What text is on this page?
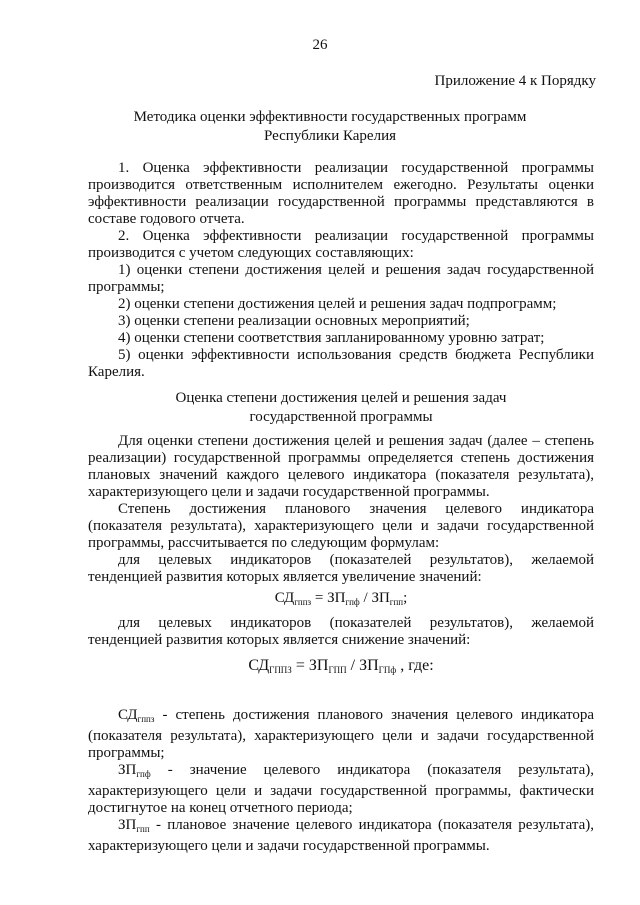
26
Приложение 4 к Порядку
Методика оценки эффективности государственных программ
Республики Карелия

1. Оценка эффективности реализации государственной программы производится ответственным исполнителем ежегодно. Результаты оценки эффективности реализации государственной программы представляются в составе годового отчета.

2. Оценка эффективности реализации государственной программы производится с учетом следующих составляющих:

1) оценки степени достижения целей и решения задач государственной программы;

2) оценки степени достижения целей и решения задач подпрограмм;

3) оценки степени реализации основных мероприятий;

4) оценки степени соответствия запланированному уровню затрат;

5) оценки эффективности использования средств бюджета Республики Карелия.

Оценка степени достижения целей и решения задач
государственной программы

Для оценки степени достижения целей и решения задач (далее – степень реализации) государственной программы определяется степень достижения плановых значений каждого целевого индикатора (показателя результата), характеризующего цели и задачи государственной программы.

Степень достижения планового значения целевого индикатора (показателя результата), характеризующего цели и задачи государственной программы, рассчитывается по следующим формулам:

для целевых индикаторов (показателей результатов), желаемой тенденцией развития которых является увеличение значений:

$СД_{гппз} = ЗП_{гпф} / ЗП_{гпп}$;

для целевых индикаторов (показателей результатов), желаемой тенденцией развития которых является снижение значений:

СДГППЗ = ЗПГПП / ЗПГПф , где:

$СД_{гппз}$ - степень достижения планового значения целевого индикатора (показателя результата), характеризующего цели и задачи государственной программы;

$ЗП_{гпф}$ - значение целевого индикатора (показателя результата), характеризующего цели и задачи государственной программы, фактически достигнутое на конец отчетного периода;

$ЗП_{гпп}$ - плановое значение целевого индикатора (показателя результата), характеризующего цели и задачи государственной программы.
